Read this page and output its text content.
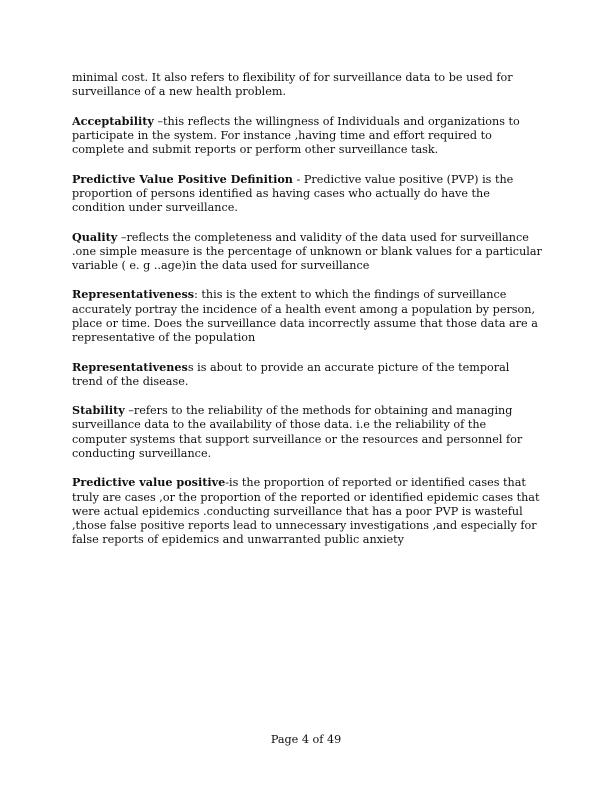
minimal cost. It also refers to flexibility of for surveillance data to be used for surveillance of a new health problem.

Acceptability –this reflects the willingness of Individuals and organizations to participate in the system. For instance ,having time and effort required to complete and submit reports or perform other surveillance task.

Predictive Value Positive Definition - Predictive value positive (PVP) is the proportion of persons identified as having cases who actually do have the condition under surveillance.

Quality –reflects the completeness and validity of the data used for surveillance .one simple measure is the percentage of unknown or blank values for a particular variable ( e. g ..age)in the data used for surveillance

Representativeness: this is the extent to which the findings of surveillance accurately portray the incidence of a health event among a population by person, place or time. Does the surveillance data incorrectly assume that those data are a representative of the population

Representativeness is about to provide an accurate picture of the temporal trend of the disease.

Stability –refers to the reliability of the methods for obtaining and managing surveillance data to the availability of those data. i.e the reliability of the computer systems that support surveillance or the resources and personnel for conducting surveillance.

Predictive value positive-is the proportion of reported or identified cases that truly are cases ,or the proportion of the reported or identified epidemic cases that were actual epidemics .conducting surveillance that has a poor PVP is wasteful ,those false positive reports lead to unnecessary investigations ,and especially for false reports of epidemics and unwarranted public anxiety

Page 4 of 49
